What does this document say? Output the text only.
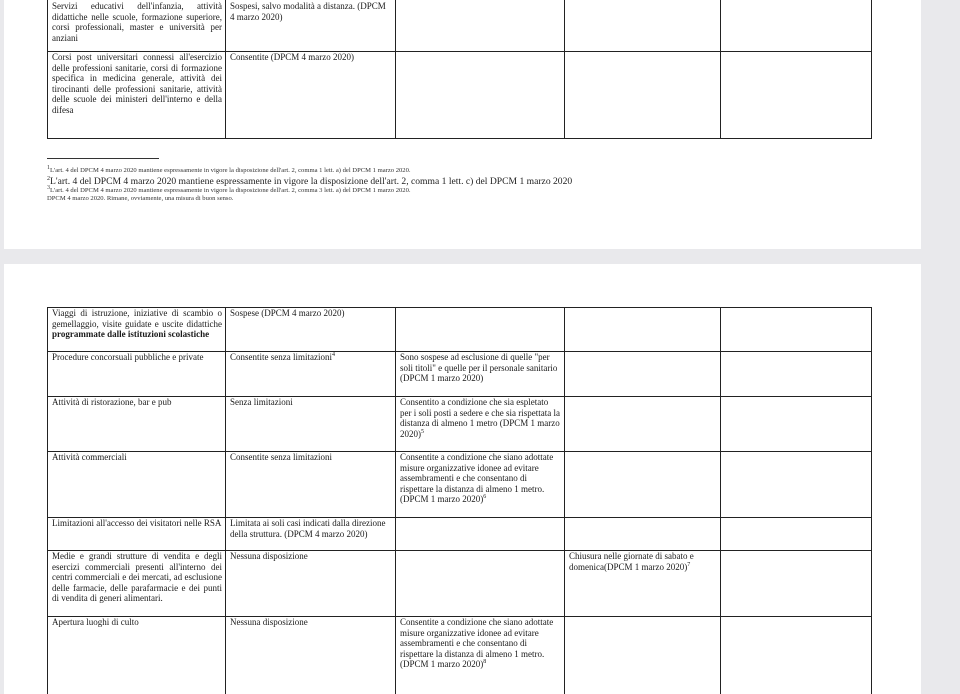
Servizi educativi dell'infanzia, attività didattiche nelle scuole, formazione superiore, corsi professionali, master e università per anziani	Sospesi, salvo modalità a distanza. (DPCM 4 marzo 2020)			
Corsi post universitari connessi all'esercizio delle professioni sanitarie, corsi di formazione specifica in medicina generale, attività dei tirocinanti delle professioni sanitarie, attività delle scuole dei ministeri dell'interno e della difesa	Consentite (DPCM 4 marzo 2020)			
$^1$L'art. 4 del DPCM 4 marzo 2020 mantiene espressamente in vigore la disposizione dell'art. 2, comma 1 lett. a) del DPCM 1 marzo 2020.
$^2$L'art. 4 del DPCM 4 marzo 2020 mantiene espressamente in vigore la disposizione dell'art. 2, comma 1 lett. c) del DPCM 1 marzo 2020
$^3$L'art. 4 del DPCM 4 marzo 2020 mantiene espressamente in vigore la disposizione dell'art. 2, comma 3 lett. a) del DPCM 1 marzo 2020.
DPCM 4 marzo 2020. Rimane, ovviamente, una misura di buon senso.
Viaggi di istruzione, iniziative di scambio o gemellaggio, visite guidate e uscite didattiche programmate dalle istituzioni scolastiche	Sospese (DPCM 4 marzo 2020)			
Procedure concorsuali pubbliche e private	Consentite senza limitazioni$^4$	Sono sospese ad esclusione di quelle "per soli titoli" e quelle per il personale sanitario (DPCM 1 marzo 2020)		
Attività di ristorazione, bar e pub	Senza limitazioni	Consentito a condizione che sia espletato per i soli posti a sedere e che sia rispettata la distanza di almeno 1 metro (DPCM 1 marzo 2020)$^5$		
Attività commerciali	Consentite senza limitazioni	Consentite a condizione che siano adottate misure organizzative idonee ad evitare assembramenti e che consentano di rispettare la distanza di almeno 1 metro. (DPCM 1 marzo 2020)$^6$		
Limitazioni all'accesso dei visitatori nelle RSA	Limitata ai soli casi indicati dalla direzione della struttura. (DPCM 4 marzo 2020)			
Medie e grandi strutture di vendita e degli esercizi commerciali presenti all'interno dei centri commerciali e dei mercati, ad esclusione delle farmacie, delle parafarmacie e dei punti di vendita di generi alimentari.	Nessuna disposizione		Chiusura nelle giornate di sabato e domenica(DPCM 1 marzo 2020)$^7$	
Apertura luoghi di culto	Nessuna disposizione	Consentite a condizione che siano adottate misure organizzative idonee ad evitare assembramenti e che consentano di rispettare la distanza di almeno 1 metro. (DPCM 1 marzo 2020)$^8$		
